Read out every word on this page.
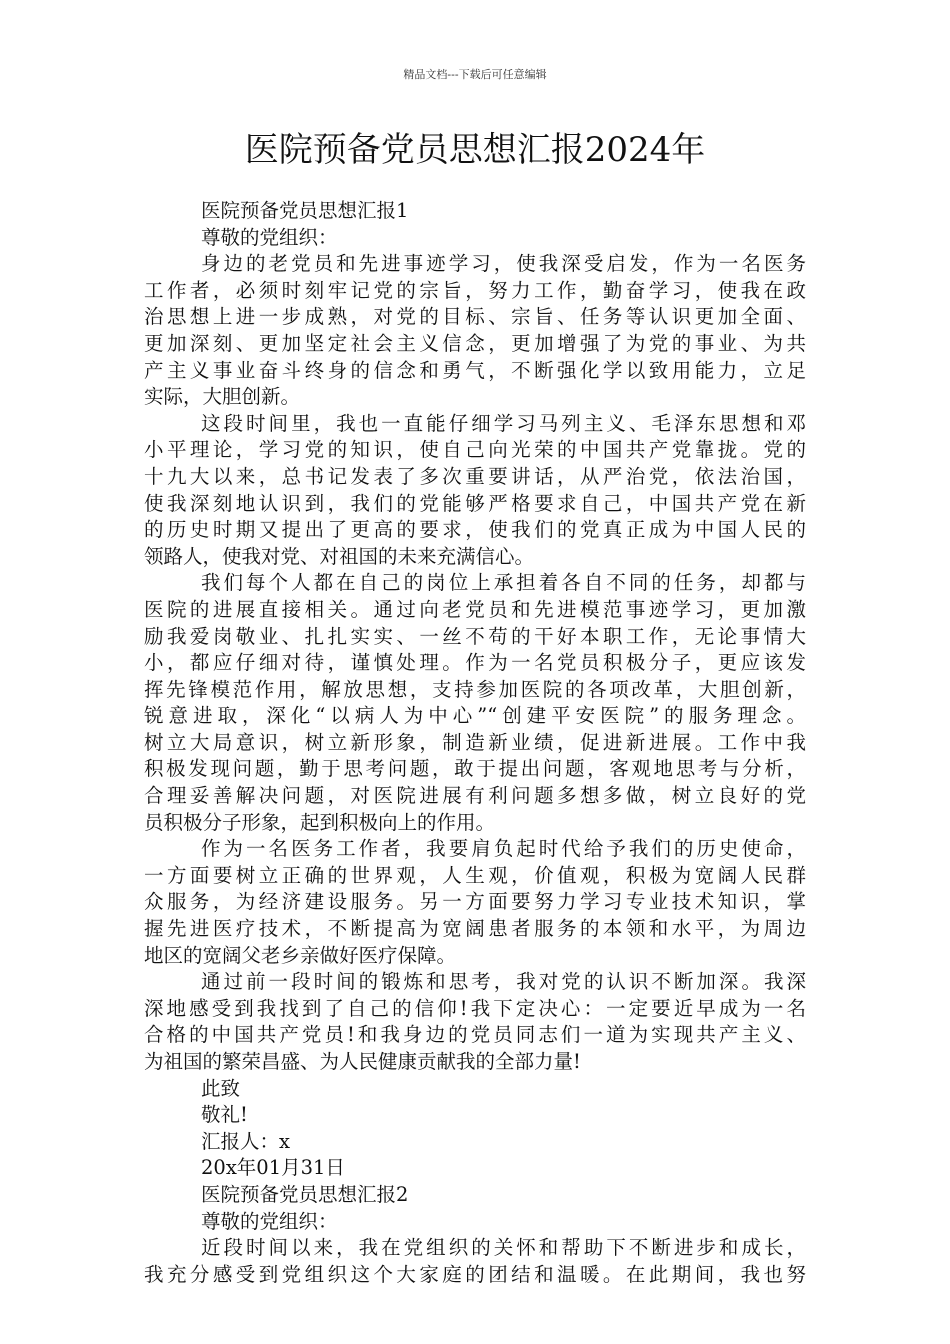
精品文档---下载后可任意编辑
医院预备党员思想汇报2024年
医院预备党员思想汇报1
尊敬的党组织：
身边的老党员和先进事迹学习，使我深受启发，作为一名医务
工作者，必须时刻牢记党的宗旨，努力工作，勤奋学习，使我在政
治思想上进一步成熟，对党的目标、宗旨、任务等认识更加全面、
更加深刻、更加坚定社会主义信念，更加增强了为党的事业、为共
产主义事业奋斗终身的信念和勇气，不断强化学以致用能力，立足
实际，大胆创新。
这段时间里，我也一直能仔细学习马列主义、毛泽东思想和邓
小平理论，学习党的知识，使自己向光荣的中国共产党靠拢。党的
十九大以来，总书记发表了多次重要讲话，从严治党，依法治国，
使我深刻地认识到，我们的党能够严格要求自己，中国共产党在新
的历史时期又提出了更高的要求，使我们的党真正成为中国人民的
领路人，使我对党、对祖国的未来充满信心。
我们每个人都在自己的岗位上承担着各自不同的任务，却都与
医院的进展直接相关。通过向老党员和先进模范事迹学习，更加激
励我爱岗敬业、扎扎实实、一丝不苟的干好本职工作，无论事情大
小，都应仔细对待，谨慎处理。作为一名党员积极分子，更应该发
挥先锋模范作用，解放思想，支持参加医院的各项改革，大胆创新，
锐意进取，深化“以病人为中心”“创建平安医院”的服务理念。
树立大局意识，树立新形象，制造新业绩，促进新进展。工作中我
积极发现问题，勤于思考问题，敢于提出问题，客观地思考与分析，
合理妥善解决问题，对医院进展有利问题多想多做，树立良好的党
员积极分子形象，起到积极向上的作用。
作为一名医务工作者，我要肩负起时代给予我们的历史使命，
一方面要树立正确的世界观，人生观，价值观，积极为宽阔人民群
众服务，为经济建设服务。另一方面要努力学习专业技术知识，掌
握先进医疗技术，不断提高为宽阔患者服务的本领和水平，为周边
地区的宽阔父老乡亲做好医疗保障。
通过前一段时间的锻炼和思考，我对党的认识不断加深。我深
深地感受到我找到了自己的信仰!我下定决心：一定要近早成为一名
合格的中国共产党员!和我身边的党员同志们一道为实现共产主义、
为祖国的繁荣昌盛、为人民健康贡献我的全部力量!
此致
敬礼!
汇报人：x
20x年01月31日
医院预备党员思想汇报2
尊敬的党组织：
近段时间以来，我在党组织的关怀和帮助下不断进步和成长，
我充分感受到党组织这个大家庭的团结和温暖。在此期间，我也努
